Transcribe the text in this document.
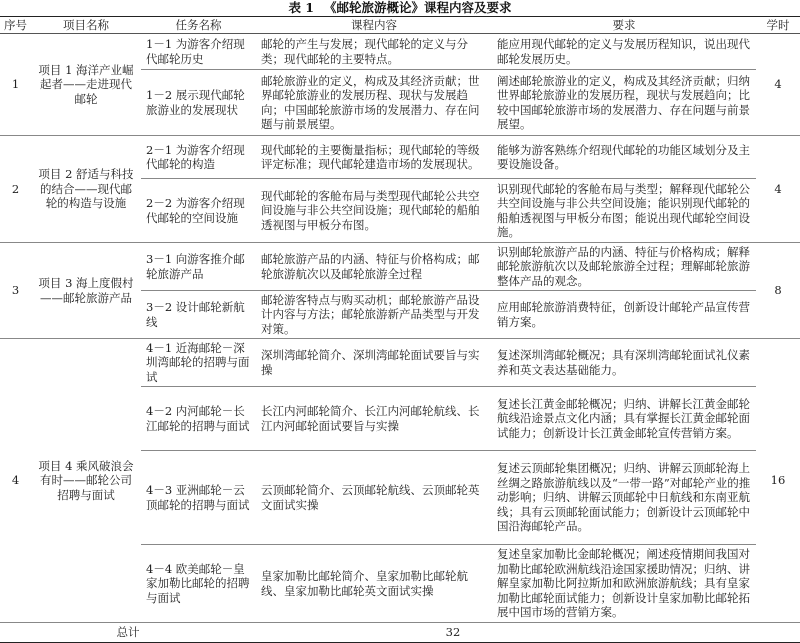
表 1 《邮轮旅游概论》课程内容及要求
序号	项目名称	任务名称	课程内容	要求	学时
1	项目 1 海洋产业崛起者——走进现代邮轮	1－1 为游客介绍现代邮轮历史	邮轮的产生与发展；现代邮轮的定义与分类；现代邮轮的主要特点。	能应用现代邮轮的定义与发展历程知识，说出现代邮轮发展历史。	4
		1－2 展示现代邮轮旅游业的发展现状	邮轮旅游业的定义，构成及其经济贡献；世界邮轮旅游业的发展历程、现状与发展趋向；中国邮轮旅游市场的发展潜力、存在问题与前景展望。	阐述邮轮旅游业的定义，构成及其经济贡献；归纳世界邮轮旅游业的发展历程，现状与发展趋向；比较中国邮轮旅游市场的发展潜力、存在问题与前景展望。	
2	项目 2 舒适与科技的结合——现代邮轮的构造与设施	2－1 为游客介绍现代邮轮的构造	现代邮轮的主要衡量指标；现代邮轮的等级评定标准；现代邮轮建造市场的发展现状。	能够为游客熟练介绍现代邮轮的功能区域划分及主要设施设备。	4
		2－2 为游客介绍现代邮轮的空间设施	现代邮轮的客舱布局与类型现代邮轮公共空间设施与非公共空间设施；现代邮轮的船舶透视图与甲板分布图。	识别现代邮轮的客舱布局与类型；解释现代邮轮公共空间设施与非公共空间设施；能识别现代邮轮的船舶透视图与甲板分布图；能说出现代邮轮空间设施。	
3	项目 3 海上度假村——邮轮旅游产品	3－1 向游客推介邮轮旅游产品	邮轮旅游产品的内涵、特征与价格构成；邮轮旅游航次以及邮轮旅游全过程	识别邮轮旅游产品的内涵、特征与价格构成；解释邮轮旅游航次以及邮轮旅游全过程；理解邮轮旅游整体产品的观念。	8
		3－2 设计邮轮新航线	邮轮游客特点与购买动机；邮轮旅游产品设计内容与方法；邮轮旅游新产品类型与开发对策。	应用邮轮旅游消费特征，创新设计邮轮产品宣传营销方案。	
4	项目 4 乘风破浪会有时——邮轮公司招聘与面试	4－1 近海邮轮－深圳湾邮轮的招聘与面试	深圳湾邮轮简介、深圳湾邮轮面试要旨与实操	复述深圳湾邮轮概况；具有深圳湾邮轮面试礼仪素养和英文表达基础能力。	16
		4－2 内河邮轮－长江邮轮的招聘与面试	长江内河邮轮简介、长江内河邮轮航线、长江内河邮轮面试要旨与实操	复述长江黄金邮轮概况；归纳、讲解长江黄金邮轮航线沿途景点文化内涵；具有掌握长江黄金邮轮面试能力；创新设计长江黄金邮轮宣传营销方案。	
		4－3 亚洲邮轮－云顶邮轮的招聘与面试	云顶邮轮简介、云顶邮轮航线、云顶邮轮英文面试实操	复述云顶邮轮集团概况；归纳、讲解云顶邮轮海上丝绸之路旅游航线以及“一带一路”对邮轮产业的推动影响；归纳、讲解云顶邮轮中日航线和东南亚航线；具有云顶邮轮面试能力；创新设计云顶邮轮中国沿海邮轮产品。	
		4－4 欧美邮轮－皇家加勒比邮轮的招聘与面试	皇家加勒比邮轮简介、皇家加勒比邮轮航线、皇家加勒比邮轮英文面试实操	复述皇家加勒比金邮轮概况；阐述疫情期间我国对加勒比邮轮欧洲航线沿途国家援助情况；归纳、讲解皇家加勒比阿拉斯加和欧洲旅游航线；具有皇家加勒比邮轮面试能力；创新设计皇家加勒比邮轮拓展中国市场的营销方案。	
总计			32		
